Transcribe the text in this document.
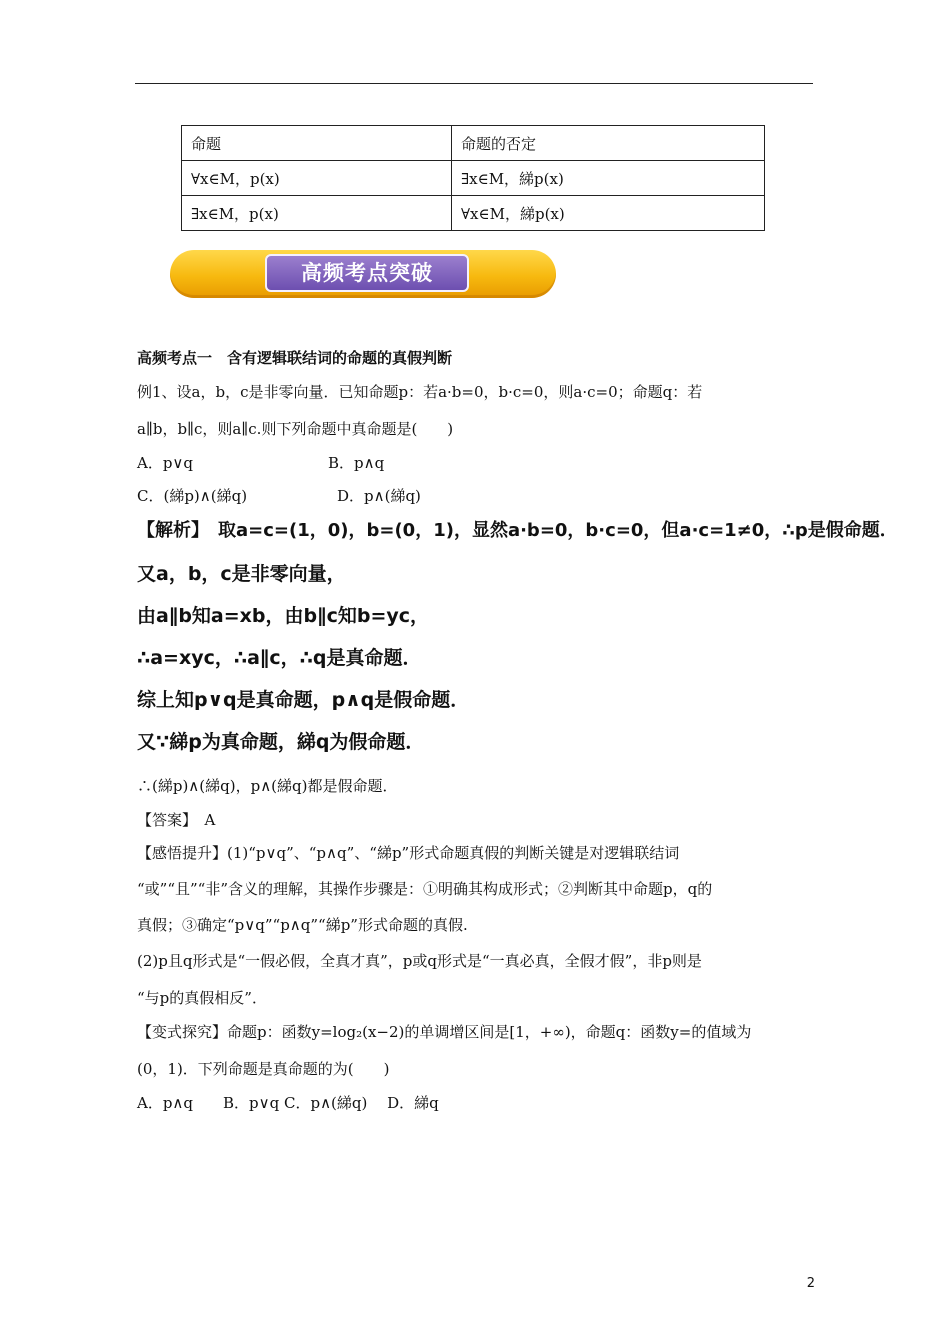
命题	命题的否定
∀x∈M，p(x)	∃x∈M，綈p(x)
∃x∈M，p(x)	∀x∈M，綈p(x)
高频考点突破
高频考点一　含有逻辑联结词的命题的真假判断
例1、设a，b，c是非零向量．已知命题p：若a·b=0，b·c=0，则a·c=0；命题q：若
a∥b，b∥c，则a∥c.则下列命题中真命题是(　　)
A．p∨q	B．p∧q
C．(綈p)∧(綈q)	D．p∧(綈q)
【解析】　取a=c=(1，0)，b=(0，1)，显然a·b=0，b·c=0，但a·c=1≠0，∴p是假命题．
又a，b，c是非零向量，
由a∥b知a=xb，由b∥c知b=yc，
∴a=xyc，∴a∥c，∴q是真命题．
综上知p∨q是真命题，p∧q是假命题．
又∵綈p为真命题，綈q为假命题．
∴(綈p)∧(綈q)，p∧(綈q)都是假命题．
【答案】　A
【感悟提升】(1)“p∨q”、“p∧q”、“綈p”形式命题真假的判断关键是对逻辑联结词
“或”“且”“非”含义的理解，其操作步骤是：①明确其构成形式；②判断其中命题p，q的
真假；③确定“p∨q”“p∧q”“綈p”形式命题的真假.
(2)p且q形式是“一假必假，全真才真”，p或q形式是“一真必真，全假才假”，非p则是
“与p的真假相反”．
【变式探究】命题p：函数y=log₂(x−2)的单调增区间是[1，+∞)，命题q：函数y=的值域为
(0，1)．下列命题是真命题的为(　　)
A．p∧q　　B．p∨q C．p∧(綈q)　 D．綈q
2
